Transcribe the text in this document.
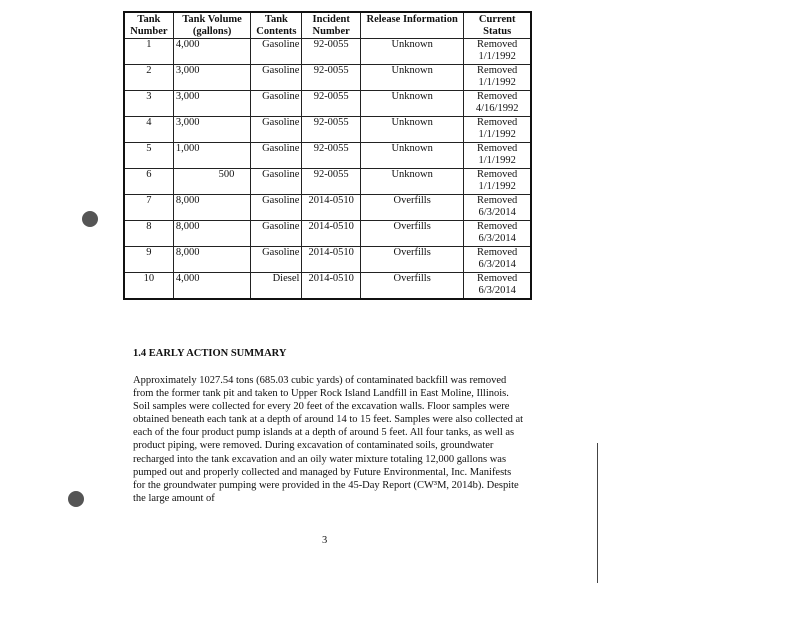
Tank Number	Tank Volume (gallons)	Tank Contents	Incident Number	Release Information	Current Status
1	4,000	Gasoline	92-0055	Unknown	Removed 1/1/1992
2	3,000	Gasoline	92-0055	Unknown	Removed 1/1/1992
3	3,000	Gasoline	92-0055	Unknown	Removed 4/16/1992
4	3,000	Gasoline	92-0055	Unknown	Removed 1/1/1992
5	1,000	Gasoline	92-0055	Unknown	Removed 1/1/1992
6	500	Gasoline	92-0055	Unknown	Removed 1/1/1992
7	8,000	Gasoline	2014-0510	Overfills	Removed 6/3/2014
8	8,000	Gasoline	2014-0510	Overfills	Removed 6/3/2014
9	8,000	Gasoline	2014-0510	Overfills	Removed 6/3/2014
10	4,000	Diesel	2014-0510	Overfills	Removed 6/3/2014
1.4 EARLY ACTION SUMMARY
Approximately 1027.54 tons (685.03 cubic yards) of contaminated backfill was removed from the former tank pit and taken to Upper Rock Island Landfill in East Moline, Illinois. Soil samples were collected for every 20 feet of the excavation walls. Floor samples were obtained beneath each tank at a depth of around 14 to 15 feet. Samples were also collected at each of the four product pump islands at a depth of around 5 feet. All four tanks, as well as product piping, were removed. During excavation of contaminated soils, groundwater recharged into the tank excavation and an oily water mixture totaling 12,000 gallons was pumped out and properly collected and managed by Future Environmental, Inc. Manifests for the groundwater pumping were provided in the 45-Day Report (CW³M, 2014b). Despite the large amount of
3
